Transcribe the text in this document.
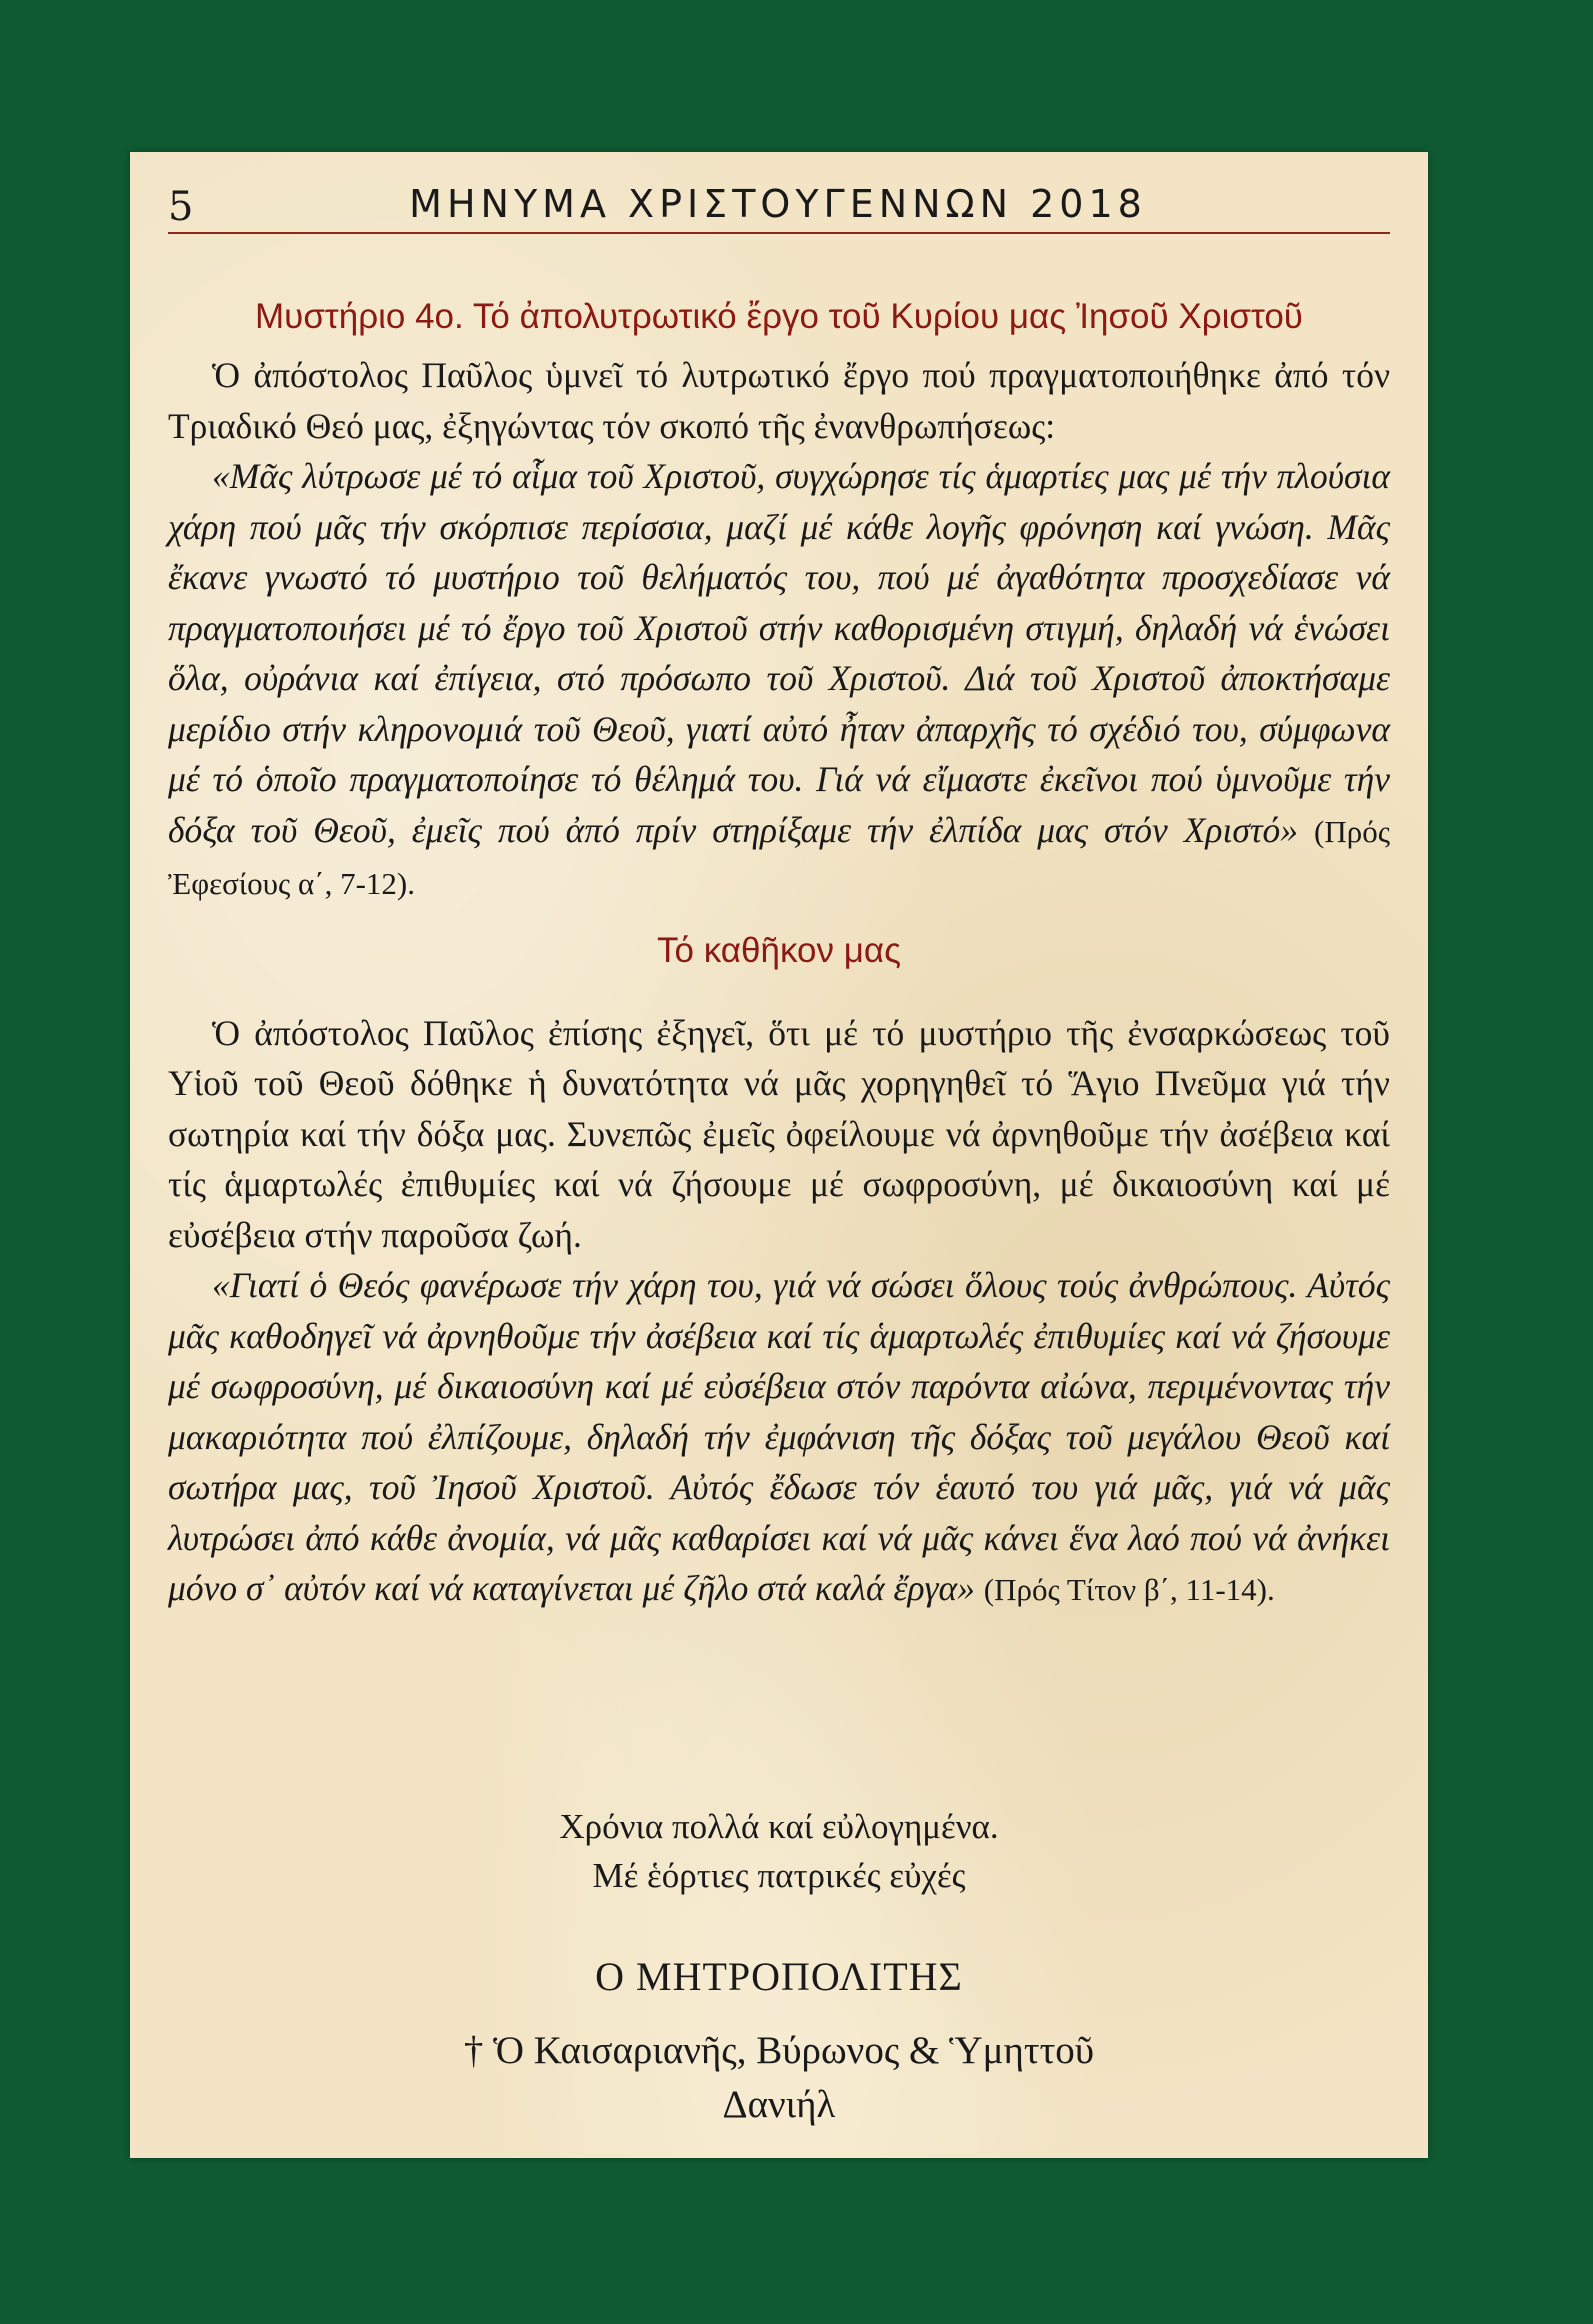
5	ΜΗΝΥΜΑ ΧΡΙΣΤΟΥΓΕΝΝΩΝ 2018
Μυστήριο 4ο. Τό ἀπολυτρωτικό ἔργο τοῦ Κυρίου μας Ἰησοῦ Χριστοῦ

Ὁ ἀπόστολος Παῦλος ὑμνεῖ τό λυτρωτικό ἔργο πού πραγματοποιήθηκε ἀπό τόν Τριαδικό Θεό μας, ἐξηγώντας τόν σκοπό τῆς ἐνανθρωπήσεως:

«Μᾶς λύτρωσε μέ τό αἷμα τοῦ Χριστοῦ, συγχώρησε τίς ἁμαρτίες μας μέ τήν πλούσια χάρη πού μᾶς τήν σκόρπισε περίσσια, μαζί μέ κάθε λογῆς φρόνηση καί γνώση. Μᾶς ἔκανε γνωστό τό μυστήριο τοῦ θελήματός του, πού μέ ἀγαθότητα προσχεδίασε νά πραγματοποιήσει μέ τό ἔργο τοῦ Χριστοῦ στήν καθορισμένη στιγμή, δηλαδή νά ἑνώσει ὅλα, οὐράνια καί ἐπίγεια, στό πρόσωπο τοῦ Χριστοῦ. Διά τοῦ Χριστοῦ ἀποκτήσαμε μερίδιο στήν κληρονομιά τοῦ Θεοῦ, γιατί αὐτό ἦταν ἀπαρχῆς τό σχέδιό του, σύμφωνα μέ τό ὁποῖο πραγματοποίησε τό θέλημά του. Γιά νά εἴμαστε ἐκεῖνοι πού ὑμνοῦμε τήν δόξα τοῦ Θεοῦ, ἐμεῖς πού ἀπό πρίν στηρίξαμε τήν ἐλπίδα μας στόν Χριστό» (Πρός Ἐφεσίους α΄, 7-12).

Τό καθῆκον μας

Ὁ ἀπόστολος Παῦλος ἐπίσης ἐξηγεῖ, ὅτι μέ τό μυστήριο τῆς ἐνσαρκώσεως τοῦ Υἱοῦ τοῦ Θεοῦ δόθηκε ἡ δυνατότητα νά μᾶς χορηγηθεῖ τό Ἅγιο Πνεῦμα γιά τήν σωτηρία καί τήν δόξα μας. Συνεπῶς ἐμεῖς ὀφείλουμε νά ἀρνηθοῦμε τήν ἀσέβεια καί τίς ἁμαρτωλές ἐπιθυμίες καί νά ζήσουμε μέ σωφροσύνη, μέ δικαιοσύνη καί μέ εὐσέβεια στήν παροῦσα ζωή.

«Γιατί ὁ Θεός φανέρωσε τήν χάρη του, γιά νά σώσει ὅλους τούς ἀνθρώπους. Αὐτός μᾶς καθοδηγεῖ νά ἀρνηθοῦμε τήν ἀσέβεια καί τίς ἁμαρτωλές ἐπιθυμίες καί νά ζήσουμε μέ σωφροσύνη, μέ δικαιοσύνη καί μέ εὐσέβεια στόν παρόντα αἰώνα, περιμένοντας τήν μακαριότητα πού ἐλπίζουμε, δηλαδή τήν ἐμφάνιση τῆς δόξας τοῦ μεγάλου Θεοῦ καί σωτήρα μας, τοῦ Ἰησοῦ Χριστοῦ. Αὐτός ἔδωσε τόν ἑαυτό του γιά μᾶς, γιά νά μᾶς λυτρώσει ἀπό κάθε ἀνομία, νά μᾶς καθαρίσει καί νά μᾶς κάνει ἕνα λαό πού νά ἀνήκει μόνο σ᾿ αὐτόν καί νά καταγίνεται μέ ζῆλο στά καλά ἔργα» (Πρός Τίτον β΄, 11-14).

Χρόνια πολλά καί εὐλογημένα.
Μέ ἑόρτιες πατρικές εὐχές
Ο ΜΗΤΡΟΠΟΛΙΤΗΣ
† Ὁ Καισαριανῆς, Βύρωνος & Ὑμηττοῦ
Δανιήλ
